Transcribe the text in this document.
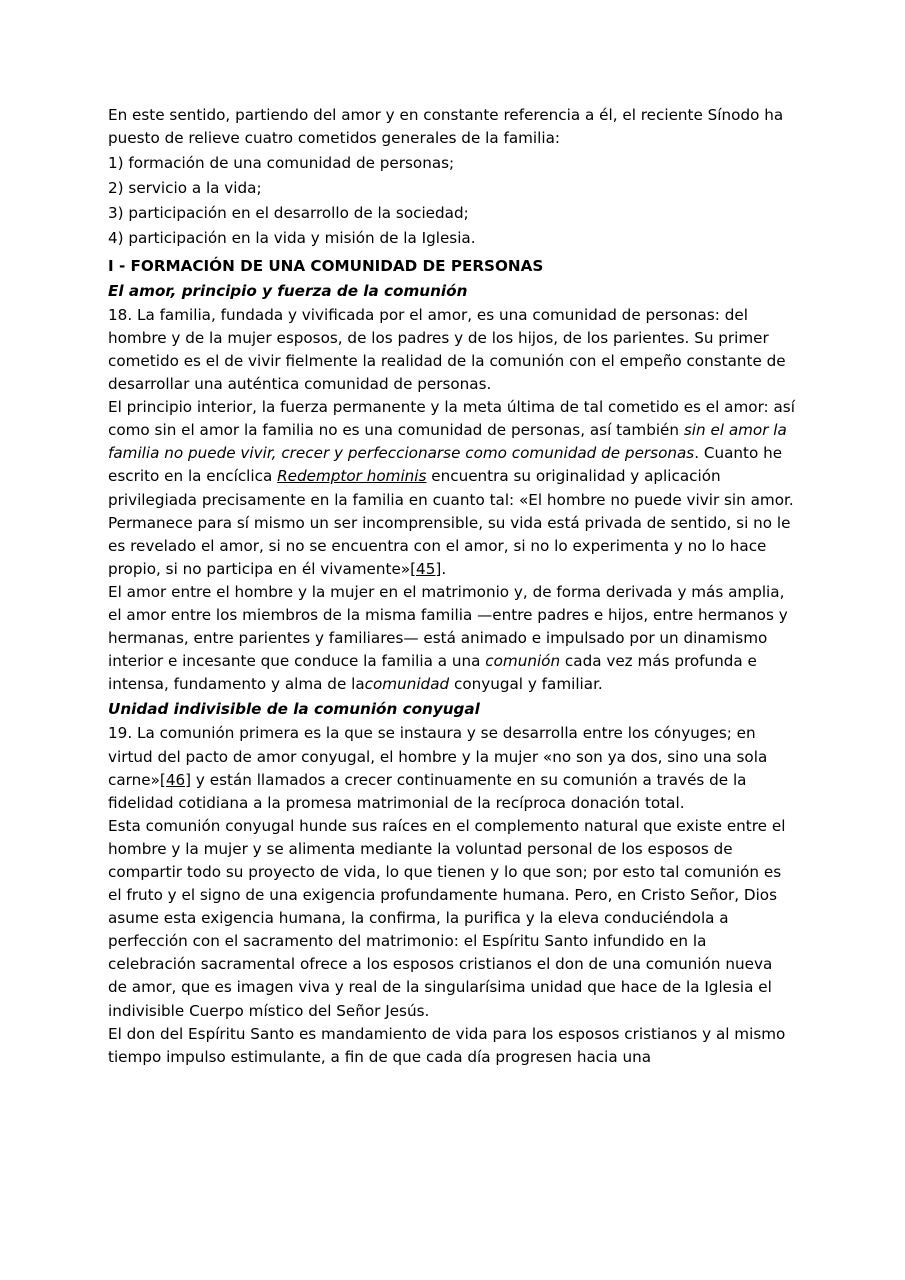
En este sentido, partiendo del amor y en constante referencia a él, el reciente Sínodo ha puesto de relieve cuatro cometidos generales de la familia:

1) formación de una comunidad de personas;

2) servicio a la vida;

3) participación en el desarrollo de la sociedad;

4) participación en la vida y misión de la Iglesia.

I - FORMACIÓN DE UNA COMUNIDAD DE PERSONAS

El amor, principio y fuerza de la comunión

18. La familia, fundada y vivificada por el amor, es una comunidad de personas: del hombre y de la mujer esposos, de los padres y de los hijos, de los parientes. Su primer cometido es el de vivir fielmente la realidad de la comunión con el empeño constante de desarrollar una auténtica comunidad de personas.

El principio interior, la fuerza permanente y la meta última de tal cometido es el amor: así como sin el amor la familia no es una comunidad de personas, así también sin el amor la familia no puede vivir, crecer y perfeccionarse como comunidad de personas. Cuanto he escrito en la encíclica Redemptor hominis encuentra su originalidad y aplicación privilegiada precisamente en la familia en cuanto tal: «El hombre no puede vivir sin amor. Permanece para sí mismo un ser incomprensible, su vida está privada de sentido, si no le es revelado el amor, si no se encuentra con el amor, si no lo experimenta y no lo hace propio, si no participa en él vivamente»[45].

El amor entre el hombre y la mujer en el matrimonio y, de forma derivada y más amplia, el amor entre los miembros de la misma familia —entre padres e hijos, entre hermanos y hermanas, entre parientes y familiares— está animado e impulsado por un dinamismo interior e incesante que conduce la familia a una comunión cada vez más profunda e intensa, fundamento y alma de lacomunidad conyugal y familiar.

Unidad indivisible de la comunión conyugal

19. La comunión primera es la que se instaura y se desarrolla entre los cónyuges; en virtud del pacto de amor conyugal, el hombre y la mujer «no son ya dos, sino una sola carne»[46] y están llamados a crecer continuamente en su comunión a través de la fidelidad cotidiana a la promesa matrimonial de la recíproca donación total.

Esta comunión conyugal hunde sus raíces en el complemento natural que existe entre el hombre y la mujer y se alimenta mediante la voluntad personal de los esposos de compartir todo su proyecto de vida, lo que tienen y lo que son; por esto tal comunión es el fruto y el signo de una exigencia profundamente humana. Pero, en Cristo Señor, Dios asume esta exigencia humana, la confirma, la purifica y la eleva conduciéndola a perfección con el sacramento del matrimonio: el Espíritu Santo infundido en la celebración sacramental ofrece a los esposos cristianos el don de una comunión nueva de amor, que es imagen viva y real de la singularísima unidad que hace de la Iglesia el indivisible Cuerpo místico del Señor Jesús.

El don del Espíritu Santo es mandamiento de vida para los esposos cristianos y al mismo tiempo impulso estimulante, a fin de que cada día progresen hacia una
